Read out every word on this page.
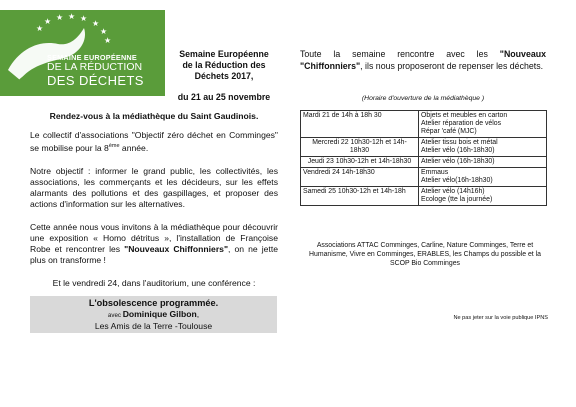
★ ★ ★ ★
★
★
★
★
SEMAINE EUROPÉENNE
DE LA RÉDUCTION
DES DÉCHETS
Semaine Européenne
de la Réduction des
Déchets 2017,
du 21 au 25 novembre
Rendez-vous à la médiathèque du Saint Gaudinois.
Le collectif d'associations "Objectif zéro déchet en Comminges" se mobilise pour la 8ème année.
Notre objectif : informer le grand public, les collectivités, les associations, les commerçants et les décideurs, sur les effets alarmants des pollutions et des gaspillages, et proposer des actions d'information sur les alternatives.
Cette année nous vous invitons à la médiathèque pour découvrir une exposition « Homo détritus », l'installation de Françoise Robe et rencontrer les "Nouveaux Chiffonniers", on ne jette plus on transforme !
Et le vendredi 24, dans l'auditorium, une conférence :
L'obsolescence programmée.
avec Dominique Gilbon,
Les Amis de la Terre -Toulouse
Toute la semaine rencontre avec les "Nouveaux "Chiffonniers", ils nous proposeront de repenser les déchets.
(Horaire d'ouverture de la médiathèque )
Mardi 21 de 14h à 18h 30	Objets et meubles en carton
Atelier réparation de vélos
Répar 'café (MJC)
Mercredi 22 10h30-12h et 14h-18h30	Atelier tissu bois et métal
Atelier vélo (16h-18h30)
Jeudi 23 10h30-12h et 14h-18h30	Atelier vélo (16h-18h30)
Vendredi 24 14h-18h30	Emmaus
Atelier vélo(16h-18h30)
Samedi 25 10h30-12h et 14h-18h	Atelier vélo (14h16h)
Ecologe (tte la journée)
Associations ATTAC Comminges, Carline, Nature Comminges, Terre et Humanisme, Vivre en Comminges, ERABLES, les Champs du possible et la SCOP Bio Comminges
Ne pas jeter sur la voie publique IPNS
